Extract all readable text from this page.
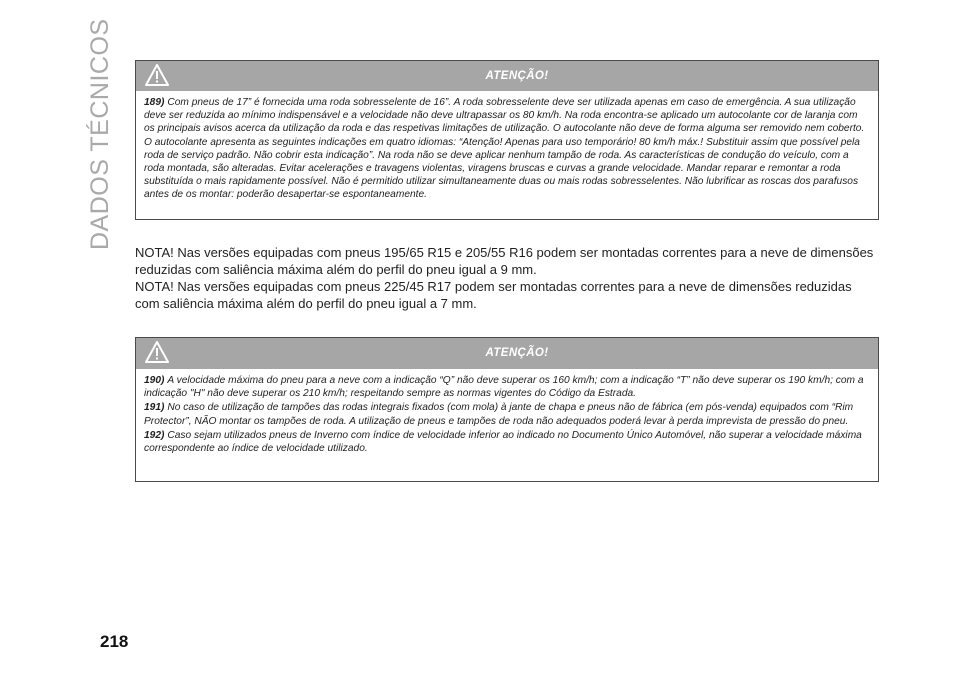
DADOS TÉCNICOS	ATENÇÃO!

189) Com pneus de 17” é fornecida uma roda sobresselente de 16”. A roda sobresselente deve ser utilizada apenas em caso de emergência. A sua utilização deve ser reduzida ao mínimo indispensável e a velocidade não deve ultrapassar os 80 km/h. Na roda encontra-se aplicado um autocolante cor de laranja com os principais avisos acerca da utilização da roda e das respetivas limitações de utilização. O autocolante não deve de forma alguma ser removido nem coberto. O autocolante apresenta as seguintes indicações em quatro idiomas: “Atenção! Apenas para uso temporário! 80 km/h máx.! Substituir assim que possível pela roda de serviço padrão. Não cobrir esta indicação”. Na roda não se deve aplicar nenhum tampão de roda. As características de condução do veículo, com a roda montada, são alteradas. Evitar acelerações e travagens violentas, viragens bruscas e curvas a grande velocidade. Mandar reparar e remontar a roda substituída o mais rapidamente possível. Não é permitido utilizar simultaneamente duas ou mais rodas sobresselentes. Não lubrificar as roscas dos parafusos antes de os montar: poderão desapertar-se espontaneamente.

NOTA! Nas versões equipadas com pneus 195/65 R15 e 205/55 R16 podem ser montadas correntes para a neve de dimensões reduzidas com saliência máxima além do perfil do pneu igual a 9 mm.

NOTA! Nas versões equipadas com pneus 225/45 R17 podem ser montadas correntes para a neve de dimensões reduzidas com saliência máxima além do perfil do pneu igual a 7 mm.

ATENÇÃO!

190) A velocidade máxima do pneu para a neve com a indicação “Q” não deve superar os 160 km/h; com a indicação “T” não deve superar os 190 km/h; com a indicação "H" não deve superar os 210 km/h; respeitando sempre as normas vigentes do Código da Estrada.

191) No caso de utilização de tampões das rodas integrais fixados (com mola) à jante de chapa e pneus não de fábrica (em pós-venda) equipados com “Rim Protector”, NÃO montar os tampões de roda. A utilização de pneus e tampões de roda não adequados poderá levar à perda imprevista de pressão do pneu.

192) Caso sejam utilizados pneus de Inverno com índice de velocidade inferior ao indicado no Documento Único Automóvel, não superar a velocidade máxima correspondente ao índice de velocidade utilizado.

218
